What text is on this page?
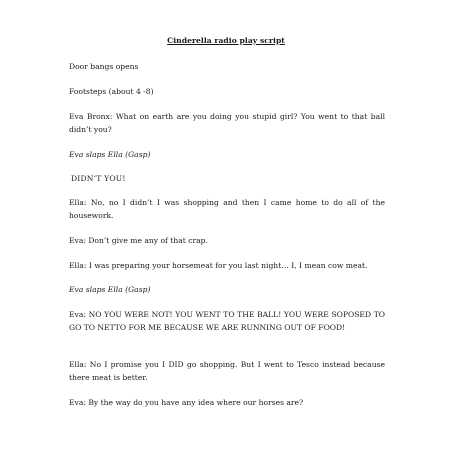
Cinderella radio play script

Door bangs opens

Footsteps (about 4 -8)

Eva Bronx: What on earth are you doing you stupid girl? You went to that ball didn’t you?

Eva slaps Ella (Gasp)

DIDN’T YOU!

Ella: No, no I didn’t I was shopping and then I came home to do all of the housework.

Eva: Don’t give me any of that crap.

Ella: I was preparing your horsemeat for you last night… I, I mean cow meat.

Eva slaps Ella (Gasp)

Eva: NO YOU WERE NOT! YOU WENT TO THE BALL! YOU WERE SOPOSED TO GO TO NETTO FOR ME BECAUSE WE ARE RUNNING OUT OF FOOD!

Ella: No I promise you I DID go shopping. But I went to Tesco instead because there meat is better.

Eva: By the way do you have any idea where our horses are?
